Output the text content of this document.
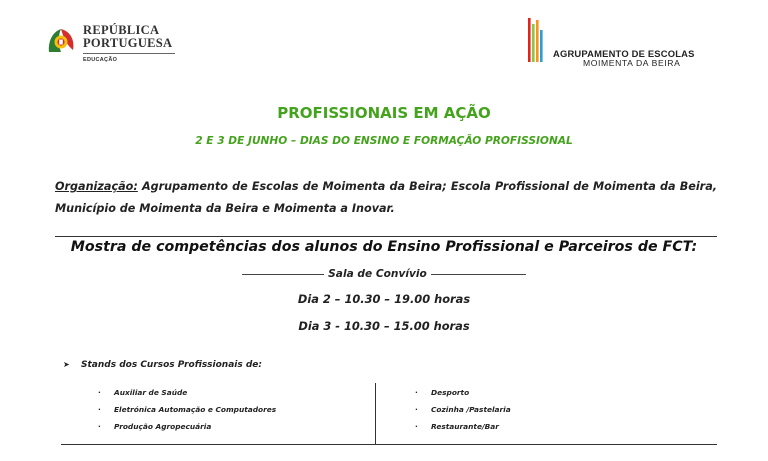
REPÚBLICA
PORTUGUESA
EDUCAÇÃO
AGRUPAMENTO DE ESCOLAS
MOIMENTA DA BEIRA
PROFISSIONAIS EM AÇÃO
2 E 3 DE JUNHO – DIAS DO ENSINO E FORMAÇÃO PROFISSIONAL
Organização: Agrupamento de Escolas de Moimenta da Beira; Escola Profissional de Moimenta da Beira, Município de Moimenta da Beira e Moimenta a Inovar.
Mostra de competências dos alunos do Ensino Profissional e Parceiros de FCT:
Sala de Convívio
Dia 2 – 10.30 – 19.00 horas
Dia 3 - 10.30 – 15.00 horas
➤ Stands dos Cursos Profissionais de:
· Auxiliar de Saúde
· Eletrónica Automação e Computadores
· Produção Agropecuária
· Desporto
· Cozinha /Pastelaria
· Restaurante/Bar
